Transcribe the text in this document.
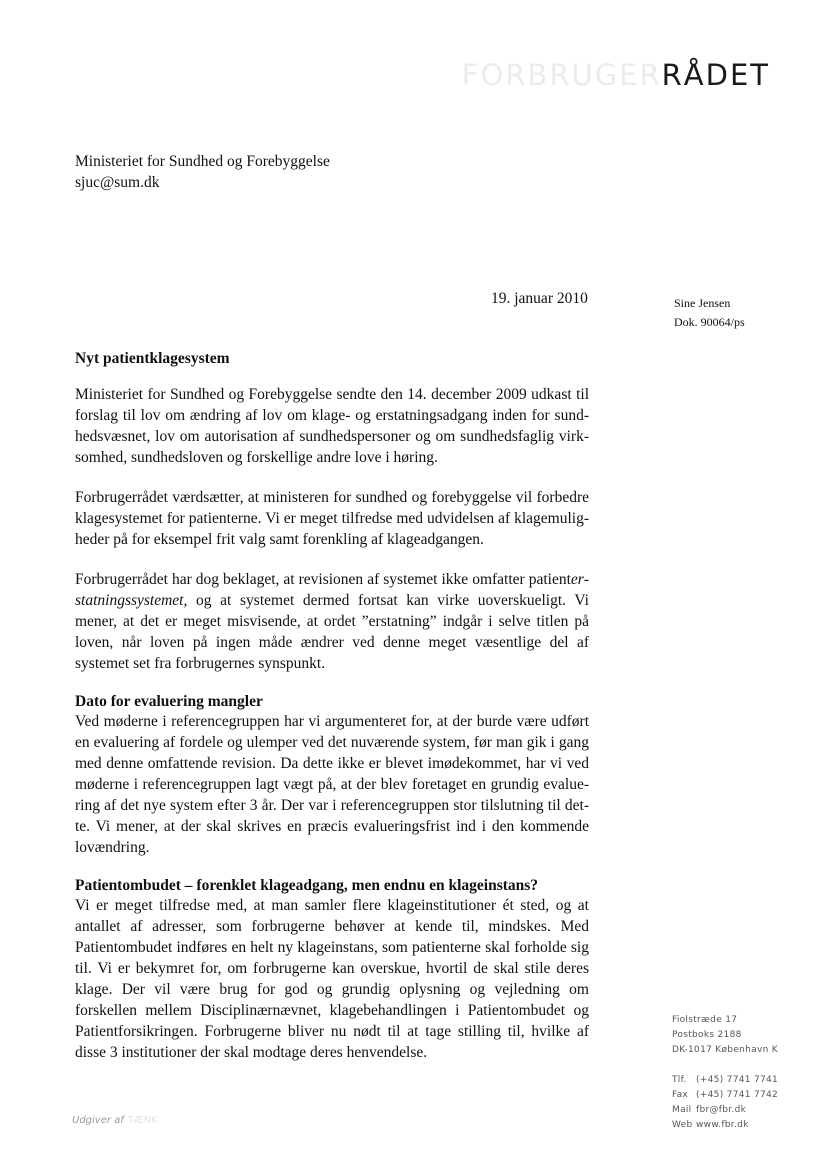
FORBRUGERRÅDET
Ministeriet for Sundhed og Forebyggelse
sjuc@sum.dk
19. januar 2010	Sine Jensen
Dok. 90064/ps
Nyt patientklagesystem

Ministeriet for Sundhed og Forebyggelse sendte den 14. december 2009 udkast til forslag til lov om ændring af lov om klage- og erstatningsadgang inden for sundhedsvæsnet, lov om autorisation af sundhedspersoner og om sundhedsfaglig virksomhed, sundhedsloven og forskellige andre love i høring.

Forbrugerrådet værdsætter, at ministeren for sundhed og forebyggelse vil forbedre klagesystemet for patienterne. Vi er meget tilfredse med udvidelsen af klagemuligheder på for eksempel frit valg samt forenkling af klageadgangen.

Forbrugerrådet har dog beklaget, at revisionen af systemet ikke omfatter patienterstatningssystemet, og at systemet dermed fortsat kan virke uoverskueligt. Vi mener, at det er meget misvisende, at ordet ”erstatning” indgår i selve titlen på loven, når loven på ingen måde ændrer ved denne meget væsentlige del af systemet set fra forbrugernes synspunkt.

Dato for evaluering mangler

Ved møderne i referencegruppen har vi argumenteret for, at der burde være udført en evaluering af fordele og ulemper ved det nuværende system, før man gik i gang med denne omfattende revision. Da dette ikke er blevet imødekommet, har vi ved møderne i referencegruppen lagt vægt på, at der blev foretaget en grundig evaluering af det nye system efter 3 år. Der var i referencegruppen stor tilslutning til dette. Vi mener, at der skal skrives en præcis evalueringsfrist ind i den kommende lovændring.

Patientombudet – forenklet klageadgang, men endnu en klageinstans?

Vi er meget tilfredse med, at man samler flere klageinstitutioner ét sted, og at antallet af adresser, som forbrugerne behøver at kende til, mindskes. Med Patientombudet indføres en helt ny klageinstans, som patienterne skal forholde sig til. Vi er bekymret for, om forbrugerne kan overskue, hvortil de skal stile deres klage. Der vil være brug for god og grundig oplysning og vejledning om forskellen mellem Disciplinærnævnet, klagebehandlingen i Patientombudet og Patientforsikringen. Forbrugerne bliver nu nødt til at tage stilling til, hvilke af disse 3 institutioner der skal modtage deres henvendelse.

Fiolstræde 17
Postboks 2188
DK-1017 København K
Tlf. (+45) 7741 7741
Fax (+45) 7741 7742
Mail fbr@fbr.dk
Web www.fbr.dk
Udgiver af TÆNK
